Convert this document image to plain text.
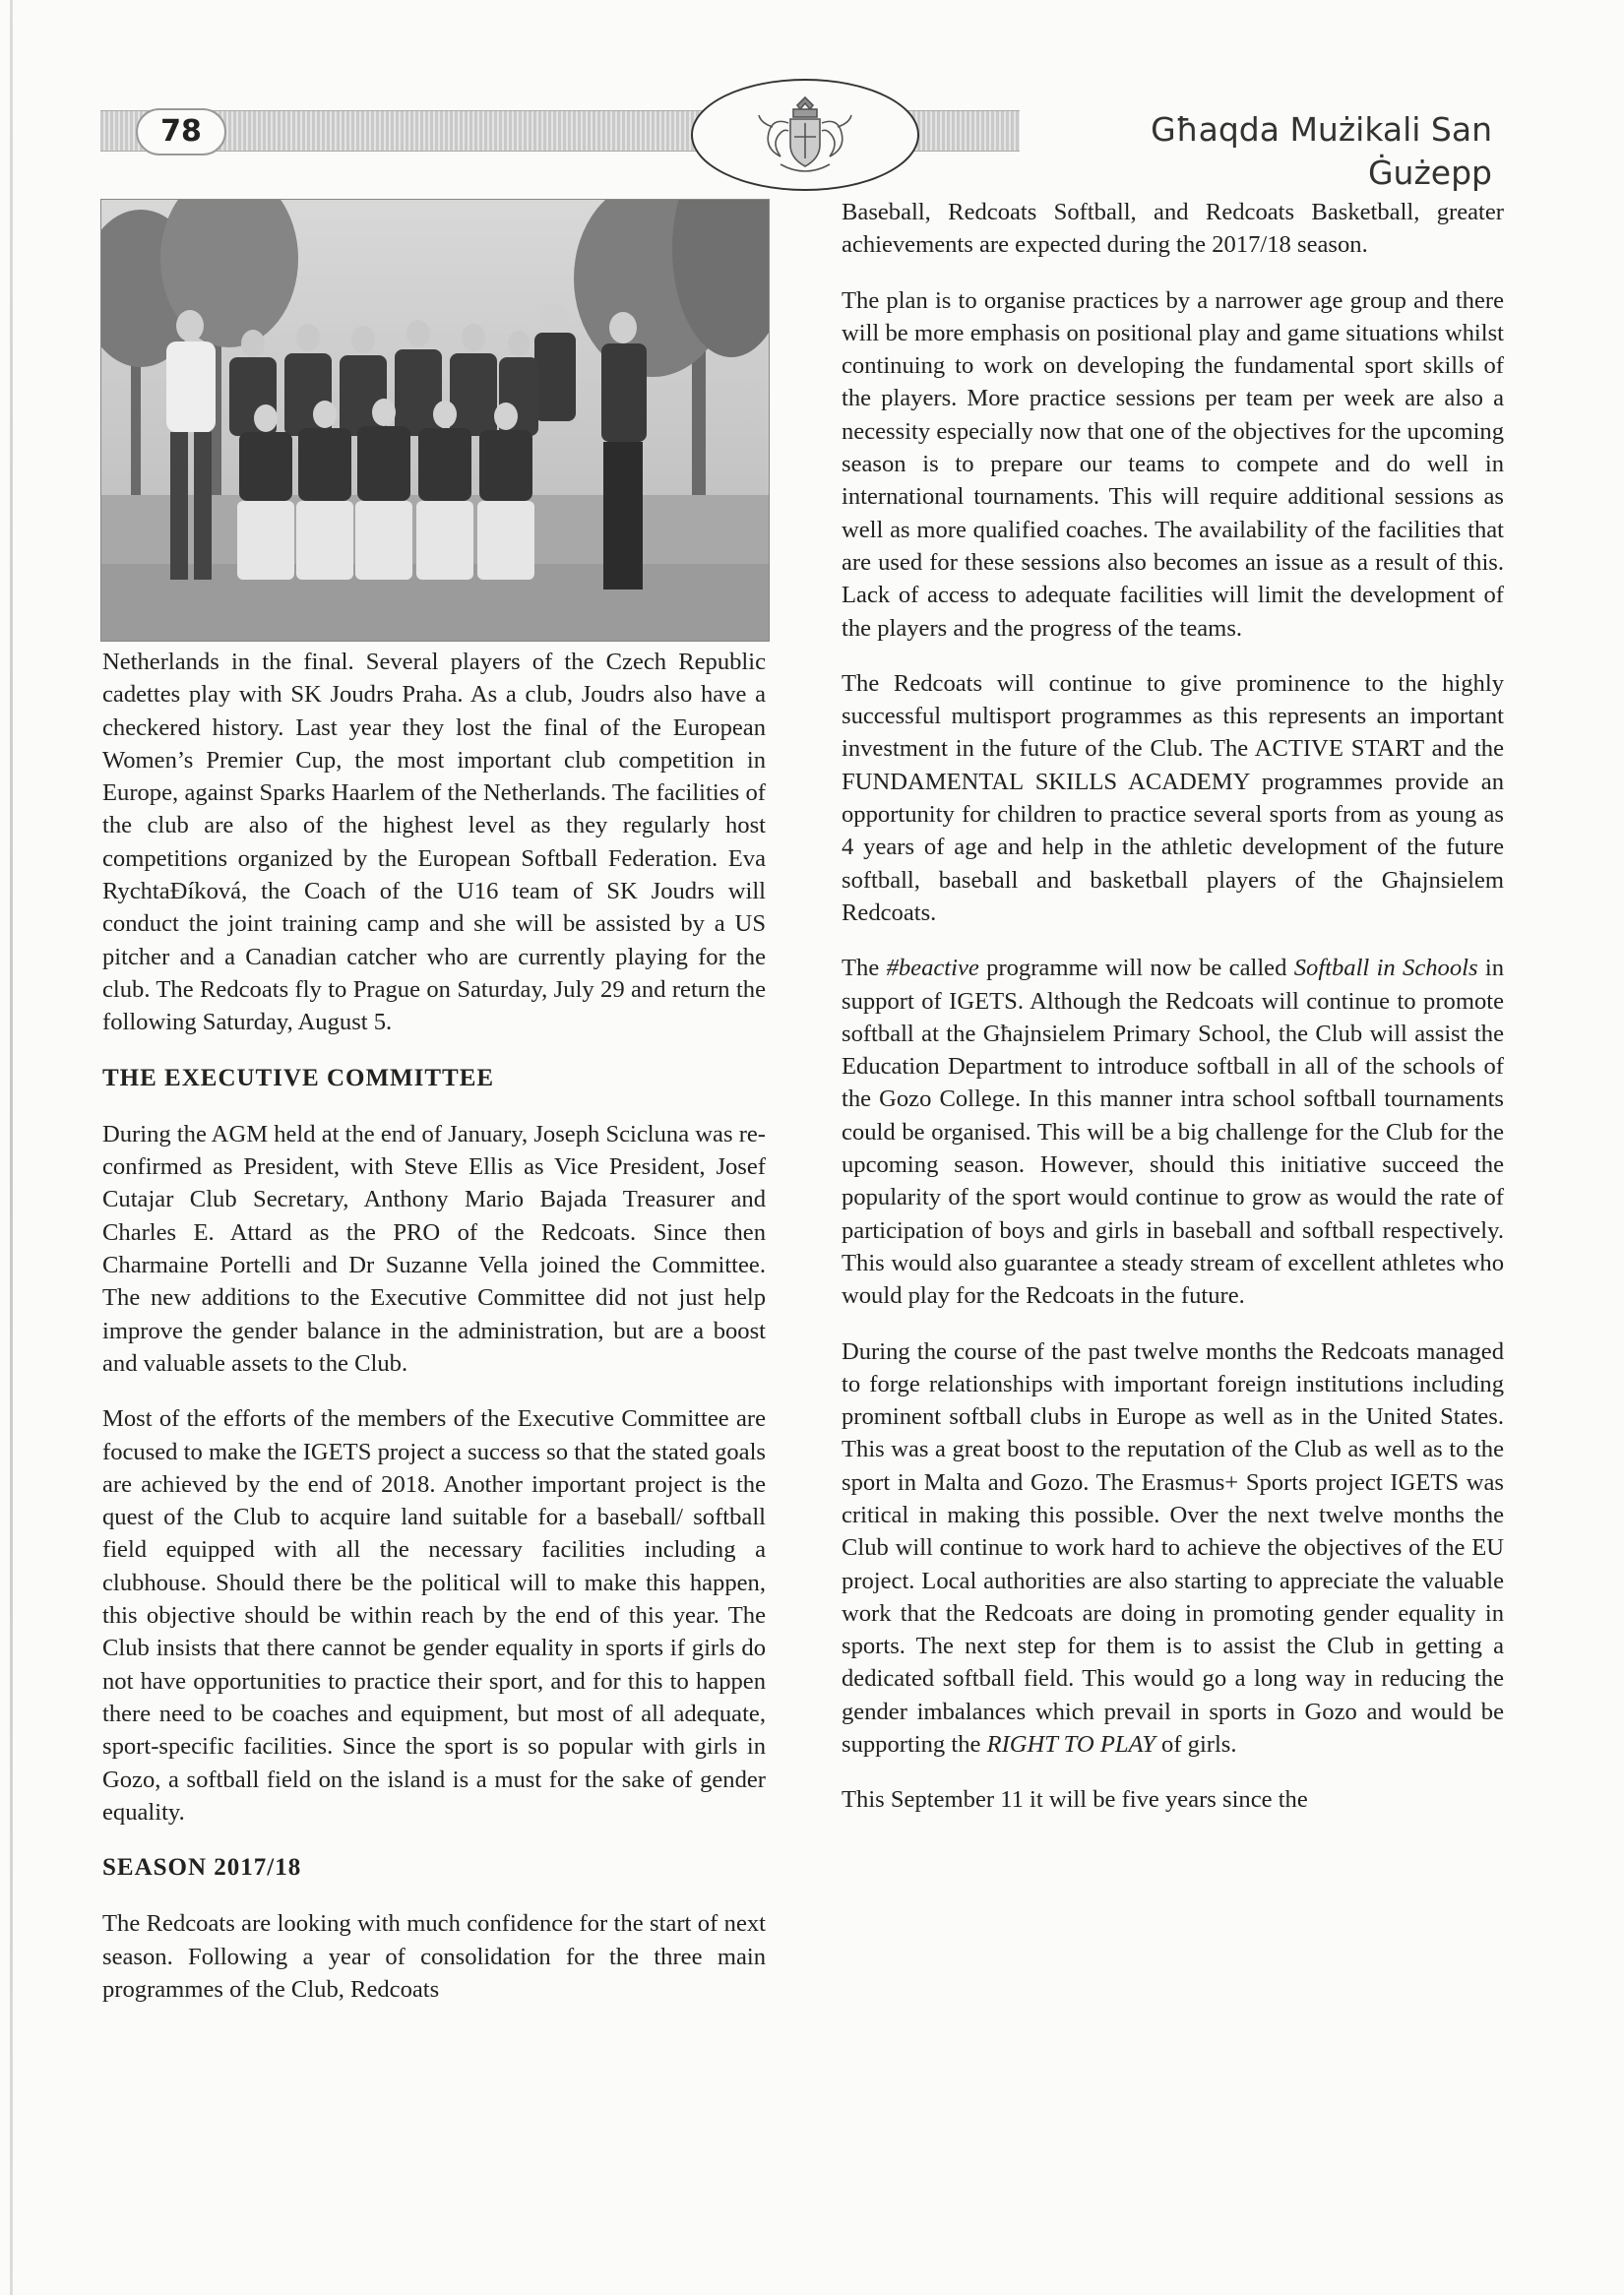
78	Għaqda Mużikali San Ġużepp

Netherlands in the final. Several players of the Czech Republic cadettes play with SK Joudrs Praha. As a club, Joudrs also have a checkered history. Last year they lost the final of the European Women’s Premier Cup, the most important club competition in Europe, against Sparks Haarlem of the Netherlands. The facilities of the club are also of the highest level as they regularly host competitions organized by the European Softball Federation. Eva RychtaĐíková, the Coach of the U16 team of SK Joudrs will conduct the joint training camp and she will be assisted by a US pitcher and a Canadian catcher who are currently playing for the club. The Redcoats fly to Prague on Saturday, July 29 and return the following Saturday, August 5.

THE EXECUTIVE COMMITTEE

During the AGM held at the end of January, Joseph Scicluna was re-confirmed as President, with Steve Ellis as Vice President, Josef Cutajar Club Secretary, Anthony Mario Bajada Treasurer and Charles E. Attard as the PRO of the Redcoats. Since then Charmaine Portelli and Dr Suzanne Vella joined the Committee. The new additions to the Executive Committee did not just help improve the gender balance in the administration, but are a boost and valuable assets to the Club.

Most of the efforts of the members of the Executive Committee are focused to make the IGETS project a success so that the stated goals are achieved by the end of 2018. Another important project is the quest of the Club to acquire land suitable for a baseball/ softball field equipped with all the necessary facilities including a clubhouse. Should there be the political will to make this happen, this objective should be within reach by the end of this year. The Club insists that there cannot be gender equality in sports if girls do not have opportunities to practice their sport, and for this to happen there need to be coaches and equipment, but most of all adequate, sport-specific facilities. Since the sport is so popular with girls in Gozo, a softball field on the island is a must for the sake of gender equality.

SEASON 2017/18

The Redcoats are looking with much confidence for the start of next season. Following a year of consolidation for the three main programmes of the Club, Redcoats

Baseball, Redcoats Softball, and Redcoats Basketball, greater achievements are expected during the 2017/18 season.

The plan is to organise practices by a narrower age group and there will be more emphasis on positional play and game situations whilst continuing to work on developing the fundamental sport skills of the players. More practice sessions per team per week are also a necessity especially now that one of the objectives for the upcoming season is to prepare our teams to compete and do well in international tournaments. This will require additional sessions as well as more qualified coaches. The availability of the facilities that are used for these sessions also becomes an issue as a result of this. Lack of access to adequate facilities will limit the development of the players and the progress of the teams.

The Redcoats will continue to give prominence to the highly successful multisport programmes as this represents an important investment in the future of the Club. The ACTIVE START and the FUNDAMENTAL SKILLS ACADEMY programmes provide an opportunity for children to practice several sports from as young as 4 years of age and help in the athletic development of the future softball, baseball and basketball players of the Għajnsielem Redcoats.

The #beactive programme will now be called Softball in Schools in support of IGETS. Although the Redcoats will continue to promote softball at the Għajnsielem Primary School, the Club will assist the Education Department to introduce softball in all of the schools of the Gozo College. In this manner intra school softball tournaments could be organised. This will be a big challenge for the Club for the upcoming season. However, should this initiative succeed the popularity of the sport would continue to grow as would the rate of participation of boys and girls in baseball and softball respectively. This would also guarantee a steady stream of excellent athletes who would play for the Redcoats in the future.

During the course of the past twelve months the Redcoats managed to forge relationships with important foreign institutions including prominent softball clubs in Europe as well as in the United States. This was a great boost to the reputation of the Club as well as to the sport in Malta and Gozo. The Erasmus+ Sports project IGETS was critical in making this possible. Over the next twelve months the Club will continue to work hard to achieve the objectives of the EU project. Local authorities are also starting to appreciate the valuable work that the Redcoats are doing in promoting gender equality in sports. The next step for them is to assist the Club in getting a dedicated softball field. This would go a long way in reducing the gender imbalances which prevail in sports in Gozo and would be supporting the RIGHT TO PLAY of girls.

This September 11 it will be five years since the
